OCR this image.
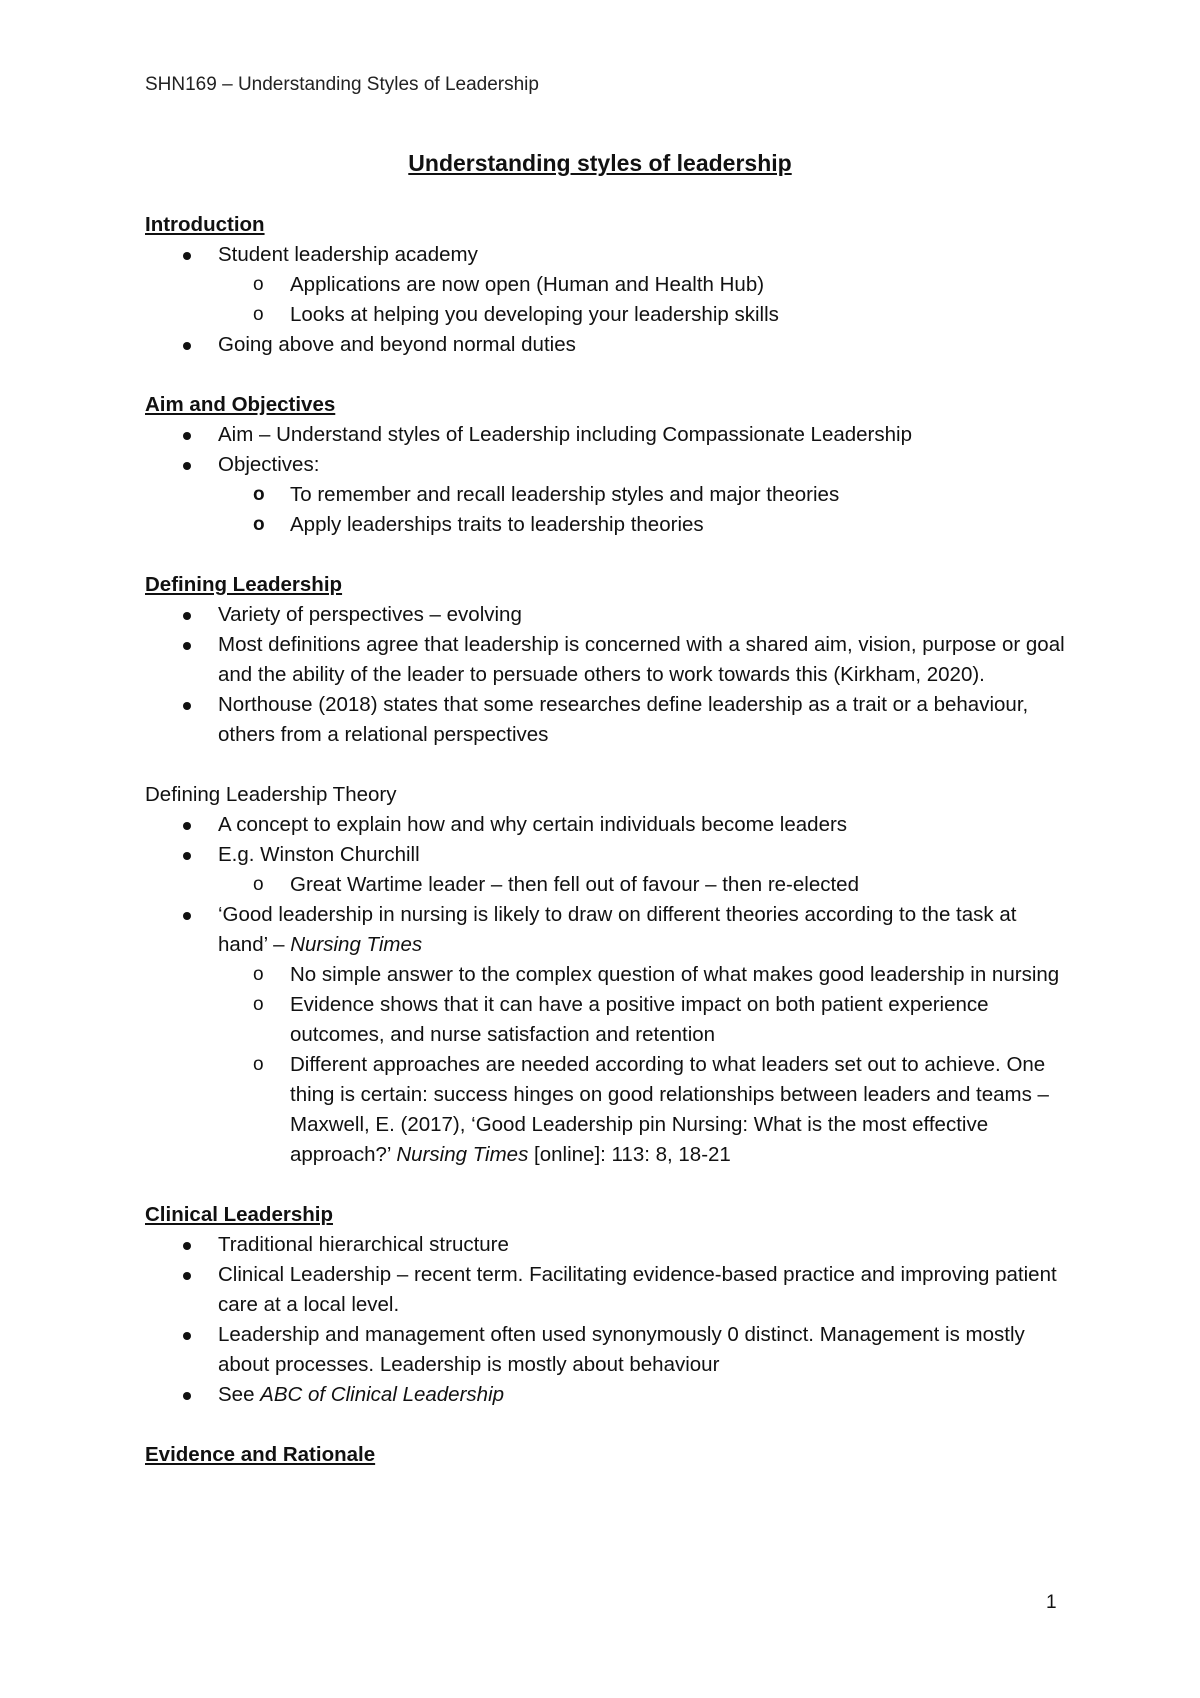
SHN169 – Understanding Styles of Leadership
Understanding styles of leadership
Introduction
Student leadership academy
o Applications are now open (Human and Health Hub)
o Looks at helping you developing your leadership skills
Going above and beyond normal duties
Aim and Objectives
Aim – Understand styles of Leadership including Compassionate Leadership
Objectives:
o To remember and recall leadership styles and major theories
o Apply leaderships traits to leadership theories
Defining Leadership
Variety of perspectives – evolving
Most definitions agree that leadership is concerned with a shared aim, vision, purpose or goal and the ability of the leader to persuade others to work towards this (Kirkham, 2020).
Northouse (2018) states that some researches define leadership as a trait or a behaviour, others from a relational perspectives
Defining Leadership Theory
A concept to explain how and why certain individuals become leaders
E.g. Winston Churchill
o Great Wartime leader – then fell out of favour – then re-elected
‘Good leadership in nursing is likely to draw on different theories according to the task at hand’ – Nursing Times
o No simple answer to the complex question of what makes good leadership in nursing
o Evidence shows that it can have a positive impact on both patient experience outcomes, and nurse satisfaction and retention
o Different approaches are needed according to what leaders set out to achieve. One thing is certain: success hinges on good relationships between leaders and teams – Maxwell, E. (2017), ‘Good Leadership pin Nursing: What is the most effective approach?’ Nursing Times [online]: 113: 8, 18-21
Clinical Leadership
Traditional hierarchical structure
Clinical Leadership – recent term. Facilitating evidence-based practice and improving patient care at a local level.
Leadership and management often used synonymously 0 distinct. Management is mostly about processes. Leadership is mostly about behaviour
See ABC of Clinical Leadership
Evidence and Rationale
1
